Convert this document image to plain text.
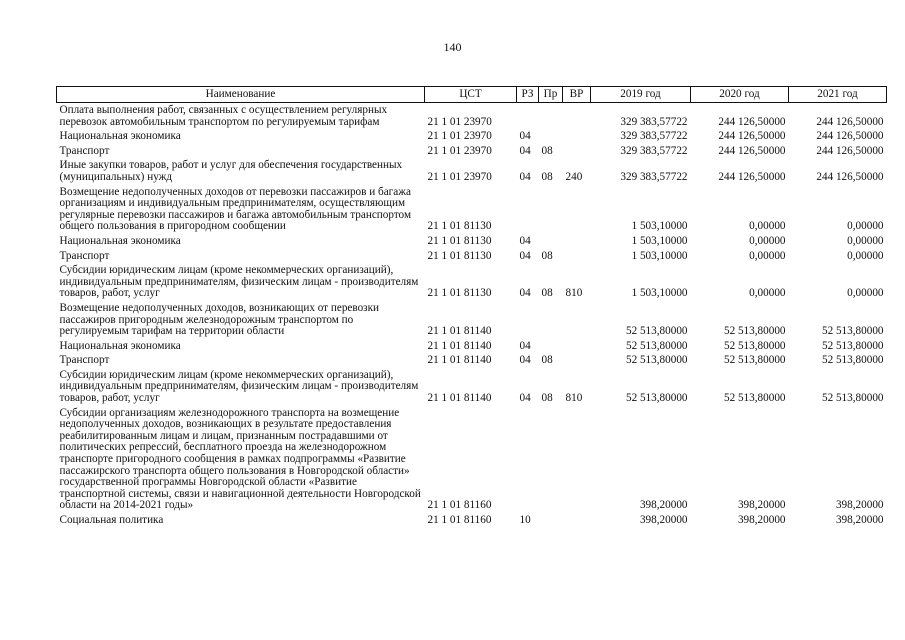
140
Наименование	ЦСТ	РЗ	Пр	ВР	2019 год	2020 год	2021 год

Оплата выполнения работ, связанных с осуществлением регулярных перевозок автомобильным транспортом по регулируемым тарифам	21 1 01 23970				329 383,57722	244 126,50000	244 126,50000

Национальная экономика	21 1 01 23970	04			329 383,57722	244 126,50000	244 126,50000

Транспорт	21 1 01 23970	04	08		329 383,57722	244 126,50000	244 126,50000

Иные закупки товаров, работ и услуг для обеспечения государственных (муниципальных) нужд	21 1 01 23970	04	08	240	329 383,57722	244 126,50000	244 126,50000

Возмещение недополученных доходов от перевозки пассажиров и багажа организациям и индивидуальным предпринимателям, осуществляющим регулярные перевозки пассажиров и багажа автомобильным транспортом общего пользования в пригородном сообщении	21 1 01 81130				1 503,10000	0,00000	0,00000

Национальная экономика	21 1 01 81130	04			1 503,10000	0,00000	0,00000

Транспорт	21 1 01 81130	04	08		1 503,10000	0,00000	0,00000

Субсидии юридическим лицам (кроме некоммерческих организаций), индивидуальным предпринимателям, физическим лицам - производителям товаров, работ, услуг	21 1 01 81130	04	08	810	1 503,10000	0,00000	0,00000

Возмещение недополученных доходов, возникающих от перевозки пассажиров пригородным железнодорожным транспортом по регулируемым тарифам на территории области	21 1 01 81140				52 513,80000	52 513,80000	52 513,80000

Национальная экономика	21 1 01 81140	04			52 513,80000	52 513,80000	52 513,80000

Транспорт	21 1 01 81140	04	08		52 513,80000	52 513,80000	52 513,80000

Субсидии юридическим лицам (кроме некоммерческих организаций), индивидуальным предпринимателям, физическим лицам - производителям товаров, работ, услуг	21 1 01 81140	04	08	810	52 513,80000	52 513,80000	52 513,80000

Субсидии организациям железнодорожного транспорта на возмещение недополученных доходов, возникающих в результате предоставления реабилитированным лицам и лицам, признанным пострадавшими от политических репрессий, бесплатного проезда на железнодорожном транспорте пригородного сообщения в рамках подпрограммы «Развитие пассажирского транспорта общего пользования в Новгородской области» государственной программы Новгородской области «Развитие транспортной системы, связи и навигационной деятельности Новгородской области на 2014-2021 годы»	21 1 01 81160				398,20000	398,20000	398,20000

Социальная политика	21 1 01 81160	10			398,20000	398,20000	398,20000
